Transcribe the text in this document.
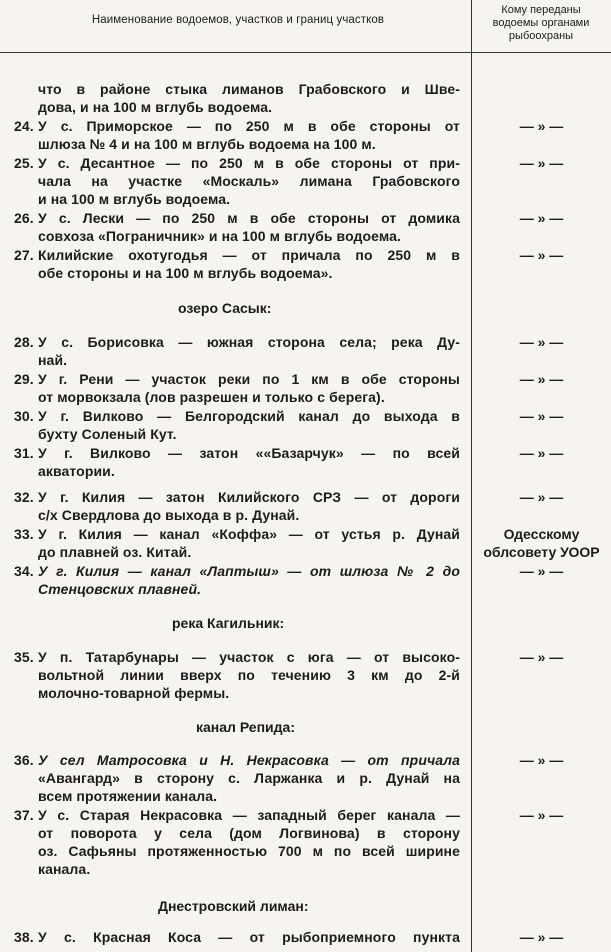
Наименование водоемов, участков и границ участков
Кому переданы
водоемы органами
рыбоохраны
что в районе стыка лиманов Грабовского и Шве-
дова, и на 100 м вглубь водоема.
24. У с. Приморское — по 250 м в обе стороны от
шлюза № 4 и на 100 м вглубь водоема на 100 м.
— » —
25. У с. Десантное — по 250 м в обе стороны от при-
чала на участке «Москаль» лимана Грабовского
и на 100 м вглубь водоема.
— » —
26. У с. Лески — по 250 м в обе стороны от домика
совхоза «Пограничник» и на 100 м вглубь водоема.
— » —
27. Килийские охотугодья — от причала по 250 м в
обе стороны и на 100 м вглубь водоема».
— » —
озеро Сасык:
28. У с. Борисовка — южная сторона села; река Ду-
най.
— » —
29. У г. Рени — участок реки по 1 км в обе стороны
от морвокзала (лов разрешен и только с берега).
— » —
30. У г. Вилково — Белгородский канал до выхода в
бухту Соленый Кут.
— » —
31. У г. Вилково — затон ««Базарчук» — по всей
акватории.
— » —
32. У г. Килия — затон Килийского СРЗ — от дороги
с/х Свердлова до выхода в р. Дунай.
— » —
33. У г. Килия — канал «Коффа» — от устья р. Дунай
до плавней оз. Китай.
Одесскому
облсовету УООР
34. У г. Килия — канал «Лаптыш» — от шлюза № 2 до
Стенцовских плавней.
— » —
река Кагильник:
35. У п. Татарбунары — участок с юга — от высоко-
вольтной линии вверх по течению 3 км до 2-й
молочно-товарной фермы.
— » —
канал Репида:
36. У сел Матросовка и Н. Некрасовка — от причала
«Авангард» в сторону с. Ларжанка и р. Дунай на
всем протяжении канала.
— » —
37. У с. Старая Некрасовка — западный берег канала —
от поворота у села (дом Логвинова) в сторону
оз. Сафьяны протяженностью 700 м по всей ширине
канала.
— » —
Днестровский лиман:
38. У с. Красная Коса — от рыбоприемного пункта	— » —
